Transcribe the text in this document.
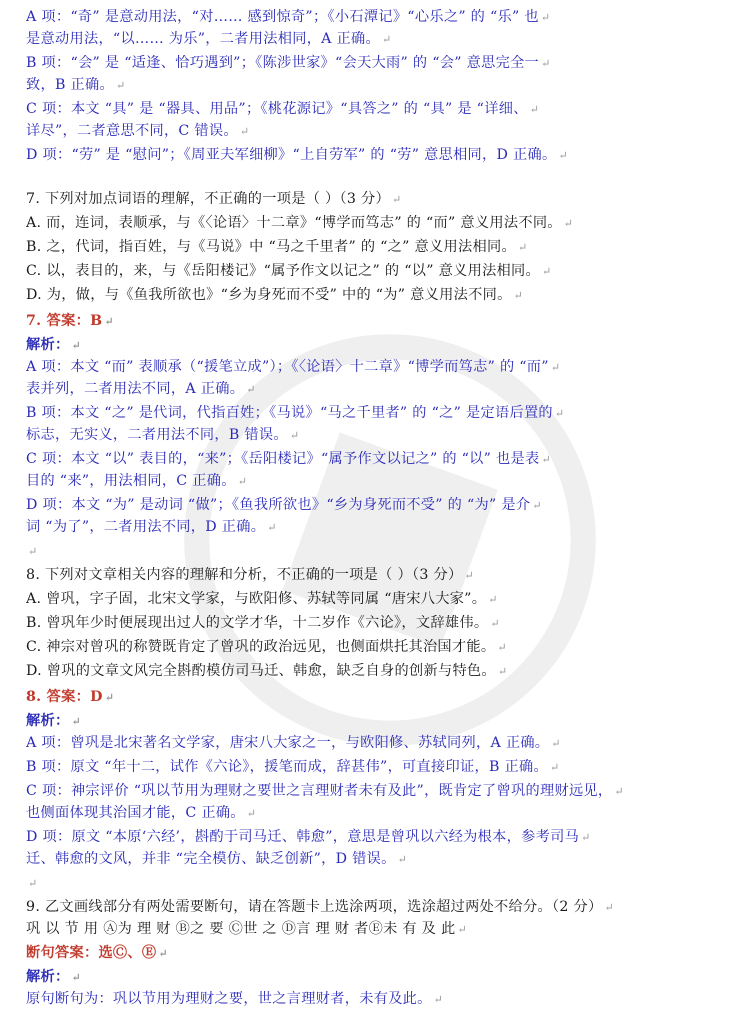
A 项：“奇” 是意动用法，“对…… 感到惊奇”；《小石潭记》“心乐之” 的 “乐” 也 ↵
是意动用法，“以…… 为乐”，二者用法相同，A 正确。 ↵
B 项：“会” 是 “适逢、恰巧遇到”；《陈涉世家》“会天大雨” 的 “会” 意思完全一 ↵
致，B 正确。 ↵
C 项：本文 “具” 是 “器具、用品”；《桃花源记》“具答之” 的 “具” 是 “详细、 ↵
详尽”，二者意思不同，C 错误。 ↵
D 项：“劳” 是 “慰问”；《周亚夫军细柳》“上自劳军” 的 “劳” 意思相同，D 正确。 ↵
7. 下列对加点词语的理解，不正确的一项是（ ）（3 分） ↵
A. 而，连词，表顺承，与《〈论语〉十二章》“博学而笃志” 的 “而” 意义用法不同。 ↵
B. 之，代词，指百姓，与《马说》中 “马之千里者” 的 “之” 意义用法相同。 ↵
C. 以，表目的，来，与《岳阳楼记》“属予作文以记之” 的 “以” 意义用法相同。 ↵
D. 为，做，与《鱼我所欲也》“乡为身死而不受” 中的 “为” 意义用法不同。 ↵
7. 答案：B ↵
解析： ↵
A 项：本文 “而” 表顺承（“援笔立成”）；《〈论语〉十二章》“博学而笃志” 的 “而” ↵
表并列，二者用法不同，A 正确。 ↵
B 项：本文 “之” 是代词，代指百姓；《马说》“马之千里者” 的 “之” 是定语后置的 ↵
标志，无实义，二者用法不同，B 错误。 ↵
C 项：本文 “以” 表目的，“来”；《岳阳楼记》“属予作文以记之” 的 “以” 也是表 ↵
目的 “来”，用法相同，C 正确。 ↵
D 项：本文 “为” 是动词 “做”；《鱼我所欲也》“乡为身死而不受” 的 “为” 是介 ↵
词 “为了”，二者用法不同，D 正确。 ↵
↵
8. 下列对文章相关内容的理解和分析，不正确的一项是（ ）（3 分） ↵
A. 曾巩，字子固，北宋文学家，与欧阳修、苏轼等同属 “唐宋八大家”。 ↵
B. 曾巩年少时便展现出过人的文学才华，十二岁作《六论》，文辞雄伟。 ↵
C. 神宗对曾巩的称赞既肯定了曾巩的政治远见，也侧面烘托其治国才能。 ↵
D. 曾巩的文章文风完全斟酌模仿司马迁、韩愈，缺乏自身的创新与特色。 ↵
8. 答案：D ↵
解析： ↵
A 项：曾巩是北宋著名文学家，唐宋八大家之一，与欧阳修、苏轼同列，A 正确。 ↵
B 项：原文 “年十二，试作《六论》，援笔而成，辞甚伟”，可直接印证，B 正确。 ↵
C 项：神宗评价 “巩以节用为理财之要世之言理财者未有及此”，既肯定了曾巩的理财远见， ↵
也侧面体现其治国才能，C 正确。 ↵
D 项：原文 “本原‘六经’，斟酌于司马迁、韩愈”，意思是曾巩以六经为根本，参考司马 ↵
迁、韩愈的文风，并非 “完全模仿、缺乏创新”，D 错误。 ↵
↵
9. 乙文画线部分有两处需要断句，请在答题卡上选涂两项，选涂超过两处不给分。（2 分） ↵
巩 以 节 用 Ⓐ为 理 财 Ⓑ之 要 Ⓒ世 之 Ⓓ言 理 财 者Ⓔ未 有 及 此 ↵
断句答案：选Ⓒ、Ⓔ ↵
解析： ↵
原句断句为：巩以节用为理财之要，世之言理财者，未有及此。 ↵
